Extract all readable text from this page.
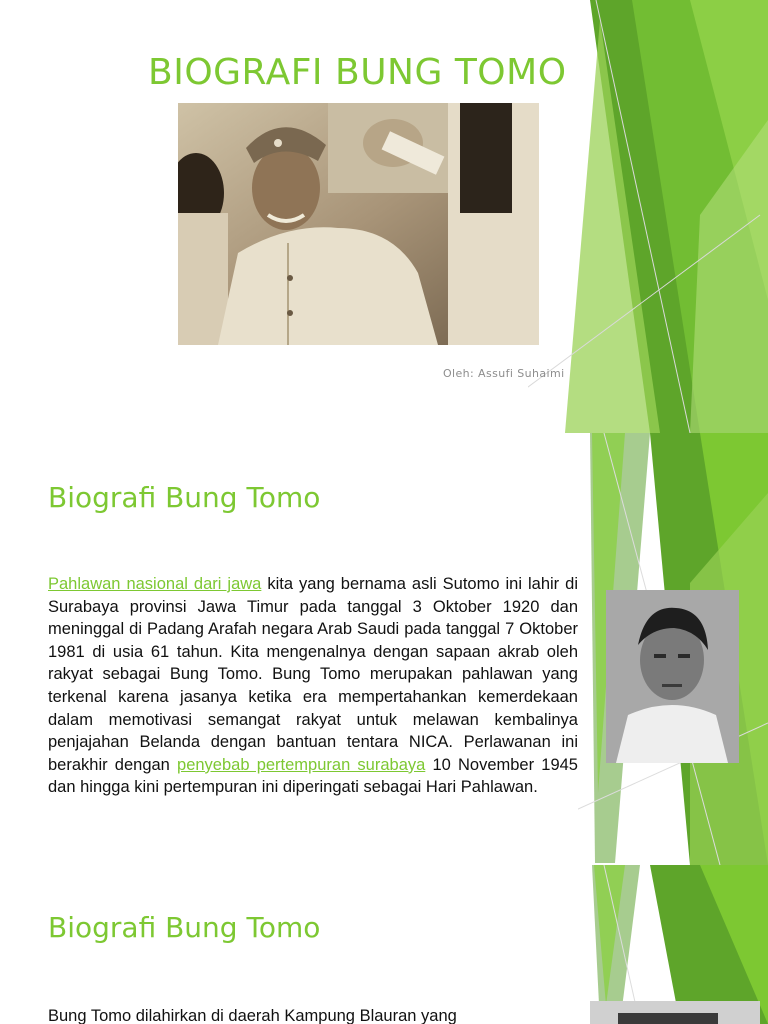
BIOGRAFI BUNG TOMO
Oleh: Assufi Suhaimi
Biografi Bung Tomo
Pahlawan nasional dari jawa kita yang bernama asli Sutomo ini lahir di Surabaya provinsi Jawa Timur pada tanggal 3 Oktober 1920 dan meninggal di Padang Arafah negara Arab Saudi pada tanggal 7 Oktober 1981 di usia 61 tahun. Kita mengenalnya dengan sapaan akrab oleh rakyat sebagai Bung Tomo. Bung Tomo merupakan pahlawan yang terkenal karena jasanya ketika era mempertahankan kemerdekaan dalam memotivasi semangat rakyat untuk melawan kembalinya penjajahan Belanda dengan bantuan tentara NICA. Perlawanan ini berakhir dengan penyebab pertempuran surabaya 10 November 1945 dan hingga kini pertempuran ini diperingati sebagai Hari Pahlawan.
Biografi Bung Tomo
Bung Tomo dilahirkan di daerah Kampung Blauran yang
